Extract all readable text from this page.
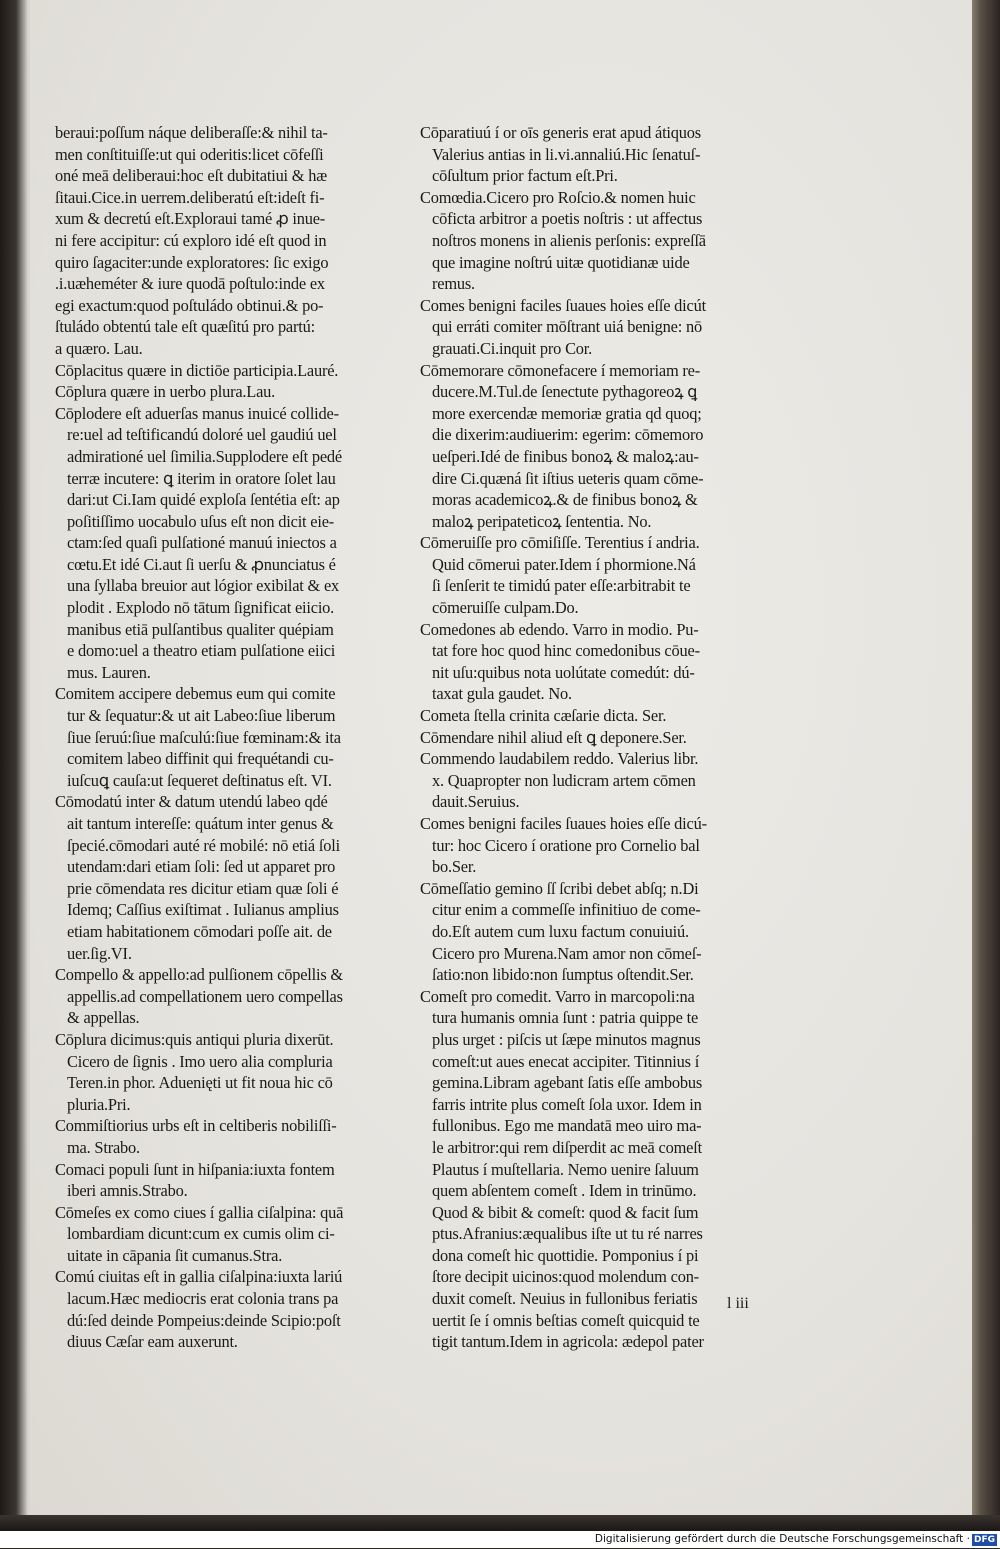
beraui:poſſum náque deliberaſſe:& nihil ta-
men conſtituiſſe:ut qui oderitis:licet cōfeſſi
oné meā deliberaui:hoc eſt dubitatiui & hæ
ſitaui.Cice.in uerrem.deliberatú eſt:ideſt fi-
xum & decretú eſt.Exploraui tamé ꝓ inue-
ni fere accipitur: cú exploro idé eſt quod in
quiro ſagaciter:unde exploratores: ſic exigo
.i.uæheméter & iure quodā poſtulo:inde ex
egi exactum:quod poſtuládo obtinui.& po-
ſtuládo obtentú tale eſt quæſitú pro partú:
a quæro. Lau.
Cōplacitus quære in dictiōe participia.Lauré.
Cōplura quære in uerbo plura.Lau.
Cōplodere eſt aduerſas manus inuicé collide-
re:uel ad teſtificandú doloré uel gaudiú uel
admirationé uel ſimilia.Supplodere eſt pedé
terræ incutere: ꝗ iterim in oratore ſolet lau
dari:ut Ci.Iam quidé exploſa ſentétia eſt: ap
poſitiſſimo uocabulo uſus eſt non dicit eie-
ctam:ſed quaſi pulſationé manuú iniectos a
cœtu.Et idé Ci.aut ſi uerſu & ꝓnunciatus é
una ſyllaba breuior aut lógior exibilat & ex
plodit . Explodo nō tātum ſignificat eiicio.
manibus etiā pulſantibus qualiter quépiam
e domo:uel a theatro etiam pulſatione eiici
mus. Lauren.
Comitem accipere debemus eum qui comite
tur & ſequatur:& ut ait Labeo:ſiue liberum
ſiue ſeruú:ſiue maſculú:ſiue fœminam:& ita
comitem labeo diffinit qui frequétandi cu-
iuſcuꝗ cauſa:ut ſequeret deſtinatus eſt. VI.
Cōmodatú inter & datum utendú labeo qdé
ait tantum intereſſe: quátum inter genus &
ſpecié.cōmodari auté ré mobilé: nō etiá ſoli
utendam:dari etiam ſoli: ſed ut apparet pro
prie cōmendata res dicitur etiam quæ ſoli é
Idemq; Caſſius exiſtimat . Iulianus amplius
etiam habitationem cōmodari poſſe ait. de
uer.ſig.VI.
Compello & appello:ad pulſionem cōpellis &
appellis.ad compellationem uero compellas
& appellas.
Cōplura dicimus:quis antiqui pluria dixerūt.
Cicero de ſignis . Imo uero alia compluria
Teren.in phor. Aduenięti ut fit noua hic cō
pluria.Pri.
Commiſtiorius urbs eſt in celtiberis nobiliſſi-
ma. Strabo.
Comaci populi ſunt in hiſpania:iuxta fontem
iberi amnis.Strabo.
Cōmeſes ex como ciues í gallia ciſalpina: quā
lombardiam dicunt:cum ex cumis olim ci-
uitate in cāpania ſit cumanus.Stra.
Comú ciuitas eſt in gallia ciſalpina:iuxta lariú
lacum.Hæc mediocris erat colonia trans pa
dú:ſed deinde Pompeius:deinde Scipio:poſt
diuus Cæſar eam auxerunt.
Cōparatiuú í or oīs generis erat apud átiquos
Valerius antias in li.vi.annaliú.Hic ſenatuſ-
cōſultum prior factum eſt.Pri.
Comœdia.Cicero pro Roſcio.& nomen huic
cōficta arbitror a poetis noſtris : ut affectus
noſtros monens in alienis perſonis: expreſſā
que imagine noſtrú uitæ quotidianæ uide
remus.
Comes benigni faciles ſuaues hoies eſſe dicút
qui erráti comiter mōſtrant uiá benigne: nō
grauati.Ci.inquit pro Cor.
Cōmemorare cōmonefacere í memoriam re-
ducere.M.Tul.de ſenectute pythagoreoꝝ ꝗ
more exercendæ memoriæ gratia qd quoq;
die dixerim:audiuerim: egerim: cōmemoro
ueſperi.Idé de finibus bonoꝝ & maloꝝ:au-
dire Ci.quæná ſit iſtius ueteris quam cōme-
moras academicoꝝ.& de finibus bonoꝝ &
maloꝝ peripateticoꝝ ſententia. No.
Cōmeruiſſe pro cōmiſiſſe. Terentius í andria.
Quid cōmerui pater.Idem í phormione.Ná
ſi ſenſerit te timidú pater eſſe:arbitrabit te
cōmeruiſſe culpam.Do.
Comedones ab edendo. Varro in modio. Pu-
tat fore hoc quod hinc comedonibus cōue-
nit uſu:quibus nota uolútate comedút: dú-
taxat gula gaudet. No.
Cometa ſtella crinita cæſarie dicta. Ser.
Cōmendare nihil aliud eſt ꝗ deponere.Ser.
Commendo laudabilem reddo. Valerius libr.
x. Quapropter non ludicram artem cōmen
dauit.Seruius.
Comes benigni faciles ſuaues hoies eſſe dicú-
tur: hoc Cicero í oratione pro Cornelio bal
bo.Ser.
Cōmeſſatio gemino ſſ ſcribi debet abſq; n.Di
citur enim a commeſſe infinitiuo de come-
do.Eſt autem cum luxu factum conuiuiú.
Cicero pro Murena.Nam amor non cōmeſ-
ſatio:non libido:non ſumptus oſtendit.Ser.
Comeſt pro comedit. Varro in marcopoli:na
tura humanis omnia ſunt : patria quippe te
plus urget : piſcis ut ſæpe minutos magnus
comeſt:ut aues enecat accipiter. Titinnius í
gemina.Libram agebant ſatis eſſe ambobus
farris intrite plus comeſt ſola uxor. Idem in
fullonibus. Ego me mandatā meo uiro ma-
le arbitror:qui rem diſperdit ac meā comeſt
Plautus í muſtellaria. Nemo uenire ſaluum
quem abſentem comeſt . Idem in trinūmo.
Quod & bibit & comeſt: quod & facit ſum
ptus.Afranius:æqualibus iſte ut tu ré narres
dona comeſt hic quottidie. Pomponius í pi
ſtore decipit uicinos:quod molendum con-
duxit comeſt. Neuius in fullonibus feriatis
uertit ſe í omnis beſtias comeſt quicquid te
tigit tantum.Idem in agricola: ædepol pater
l iii
Digitalisierung gefördert durch die Deutsche Forschungsgemeinschaft · DFG
